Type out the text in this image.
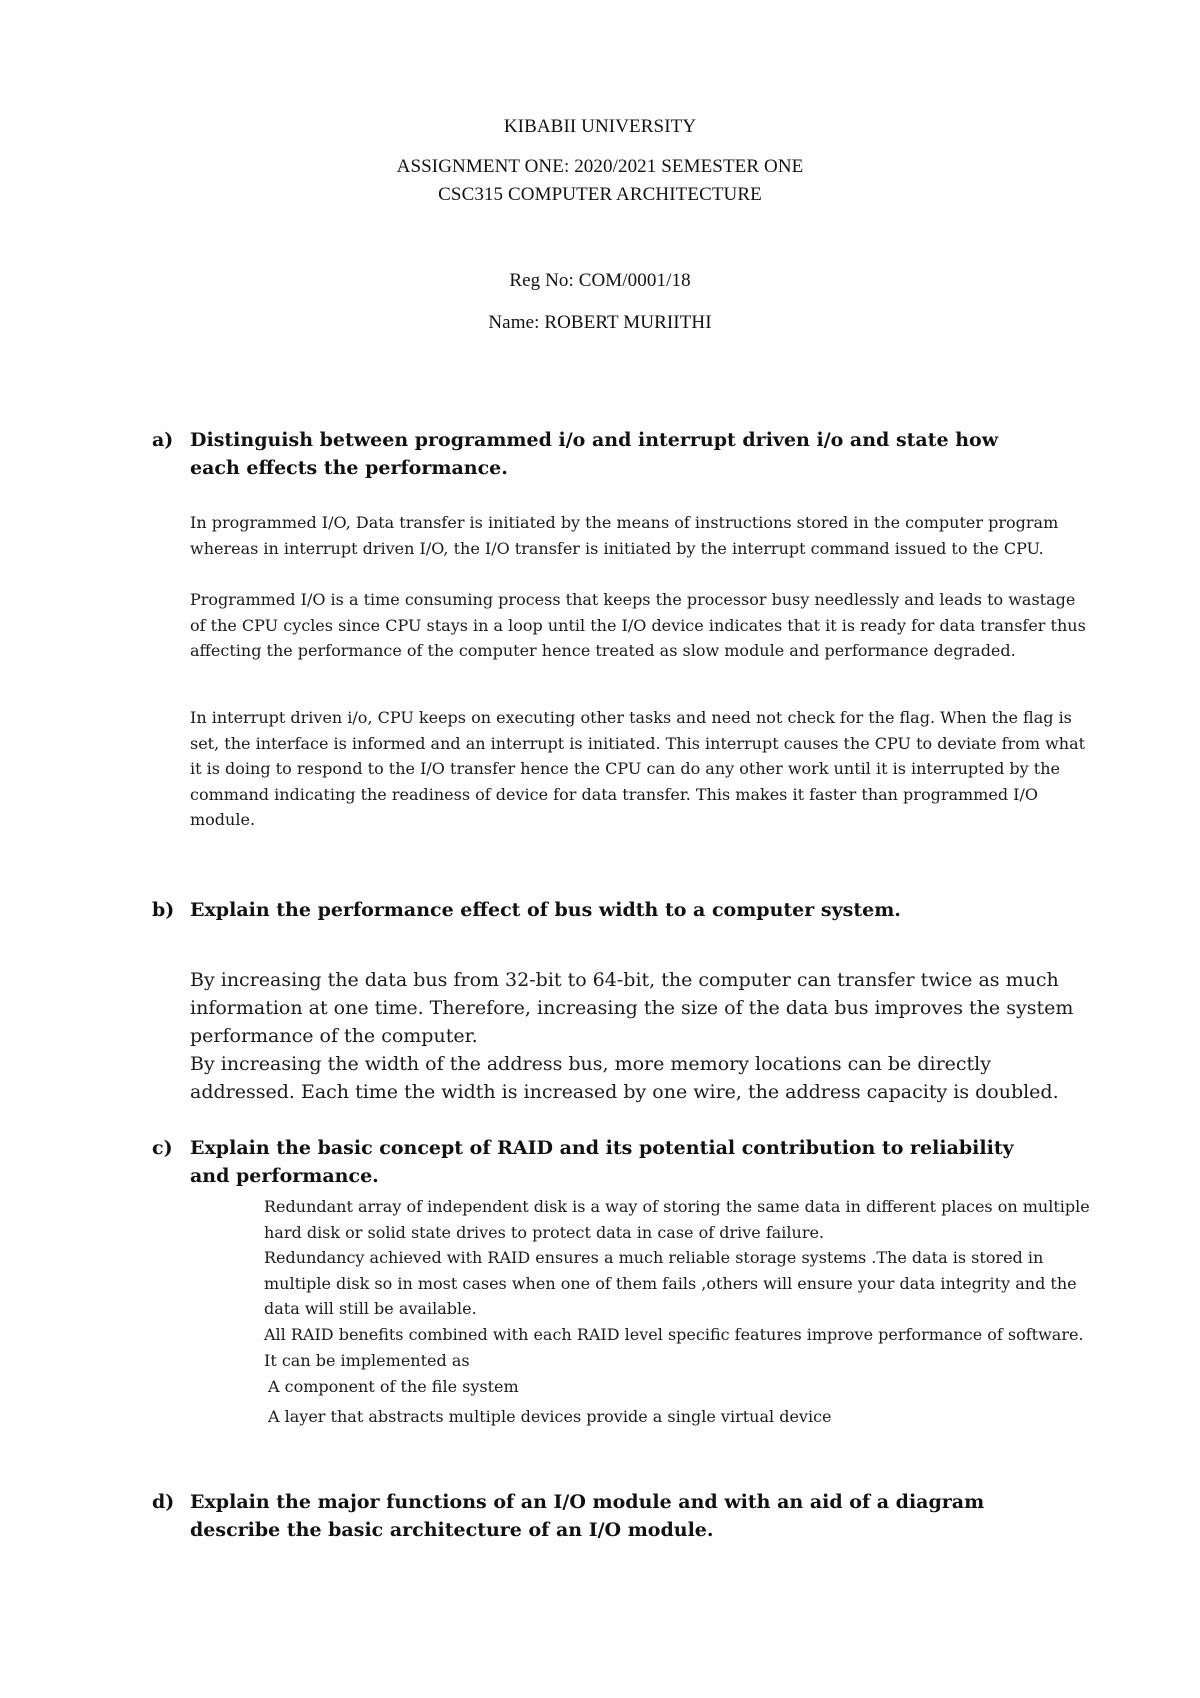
KIBABII UNIVERSITY
ASSIGNMENT ONE: 2020/2021 SEMESTER ONE
CSC315 COMPUTER ARCHITECTURE
Reg No: COM/0001/18
Name: ROBERT MURIITHI
a) Distinguish between programmed i/o and interrupt driven i/o and state how each effects the performance.
In programmed I/O, Data transfer is initiated by the means of instructions stored in the computer program whereas in interrupt driven I/O, the I/O transfer is initiated by the interrupt command issued to the CPU.
Programmed I/O is a time consuming process that keeps the processor busy needlessly and leads to wastage of the CPU cycles since CPU stays in a loop until the I/O device indicates that it is ready for data transfer thus affecting the performance of the computer hence treated as slow module and performance degraded.
In interrupt driven i/o, CPU keeps on executing other tasks and need not check for the flag. When the flag is set, the interface is informed and an interrupt is initiated. This interrupt causes the CPU to deviate from what it is doing to respond to the I/O transfer hence the CPU can do any other work until it is interrupted by the command indicating the readiness of device for data transfer. This makes it faster than programmed I/O module.
b) Explain the performance effect of bus width to a computer system.
By increasing the data bus from 32-bit to 64-bit, the computer can transfer twice as much information at one time. Therefore, increasing the size of the data bus improves the system performance of the computer.
By increasing the width of the address bus, more memory locations can be directly addressed. Each time the width is increased by one wire, the address capacity is doubled.
c) Explain the basic concept of RAID and its potential contribution to reliability and performance.
Redundant array of independent disk is a way of storing the same data in different places on multiple hard disk or solid state drives to protect data in case of drive failure.
Redundancy achieved with RAID ensures a much reliable storage systems .The data is stored in multiple disk so in most cases when one of them fails ,others will ensure your data integrity and the data will still be available.
All RAID benefits combined with each RAID level specific features improve performance of software. It can be implemented as
A component of the file system
A layer that abstracts multiple devices provide a single virtual device
d) Explain the major functions of an I/O module and with an aid of a diagram describe the basic architecture of an I/O module.
